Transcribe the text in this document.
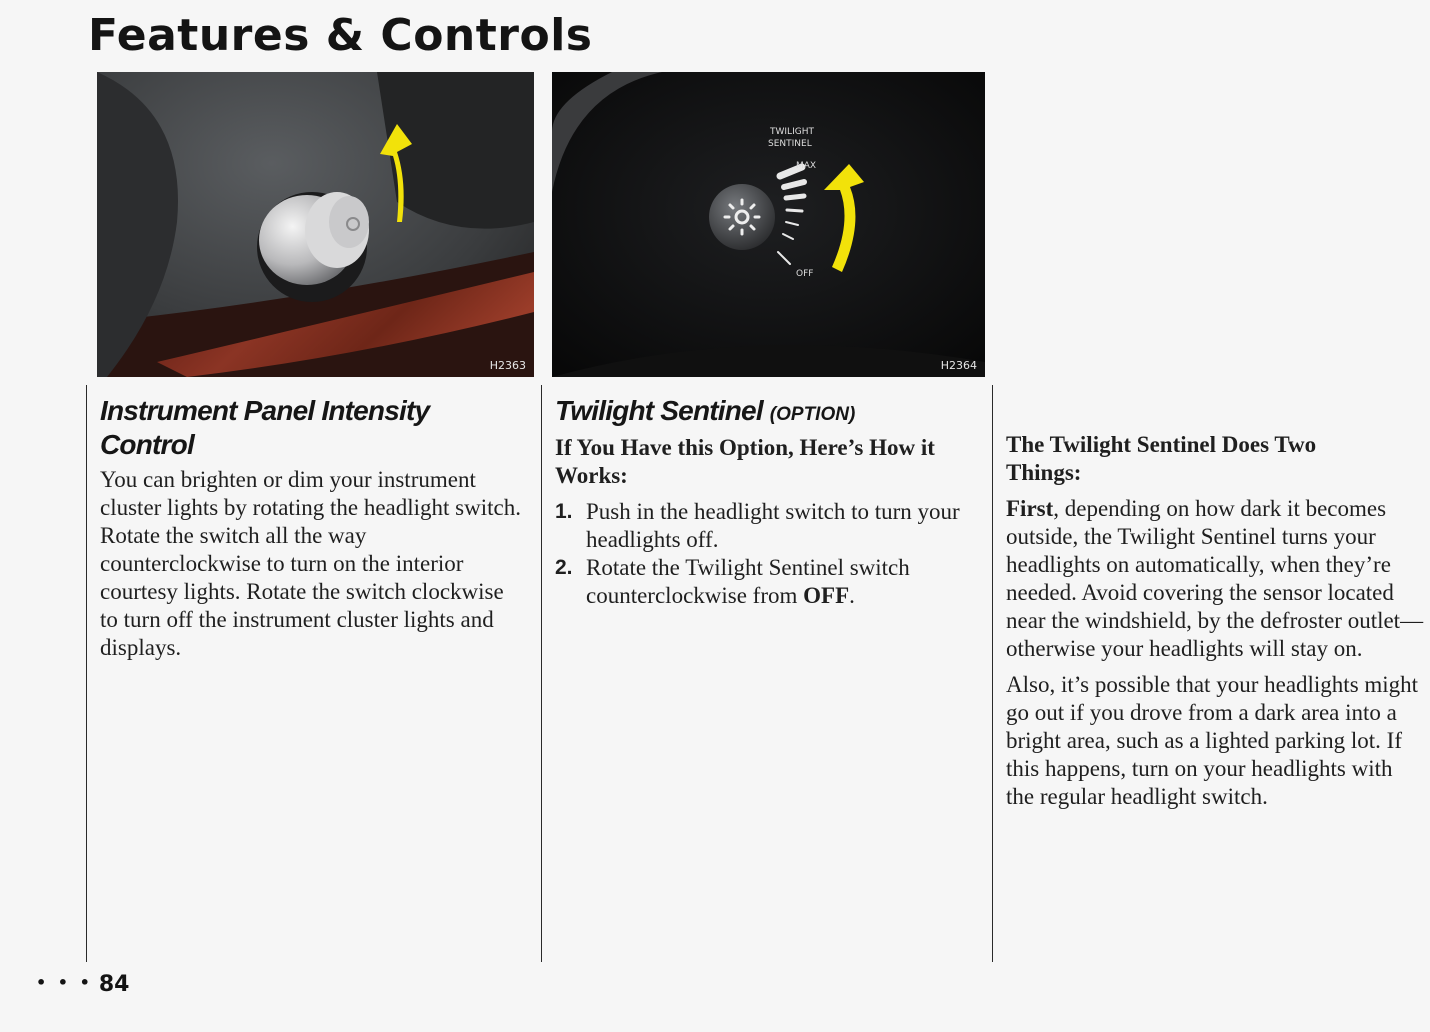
Features & Controls
H2363
TWILIGHT
SENTINEL
MAX
OFF
H2364
Instrument Panel Intensity Control

You can brighten or dim your instrument cluster lights by rotating the headlight switch. Rotate the switch all the way counterclockwise to turn on the interior courtesy lights. Rotate the switch clockwise to turn off the instrument cluster lights and displays.

Twilight Sentinel (OPTION)

If You Have this Option, Here’s How it Works:

1. Push in the headlight switch to turn your headlights off.

2. Rotate the Twilight Sentinel switch counterclockwise from OFF.

The Twilight Sentinel Does Two Things:

First, depending on how dark it becomes outside, the Twilight Sentinel turns your headlights on automatically, when they’re needed. Avoid covering the sensor located near the windshield, by the defroster outlet—otherwise your headlights will stay on.

Also, it’s possible that your headlights might go out if you drove from a dark area into a bright area, such as a lighted parking lot. If this happens, turn on your headlights with the regular headlight switch.

• • • 84
